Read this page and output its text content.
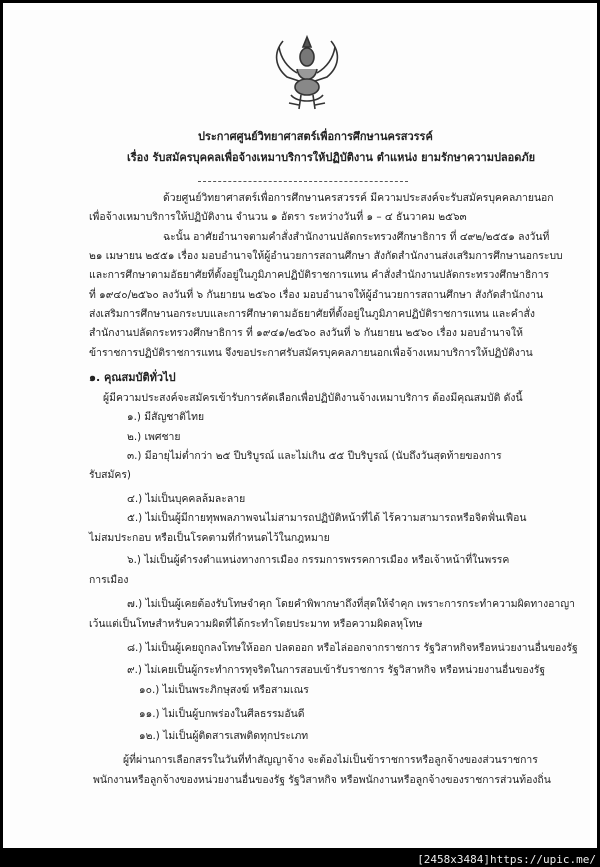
ประกาศศูนย์วิทยาศาสตร์เพื่อการศึกษานครสวรรค์
เรื่อง รับสมัครบุคคลเพื่อจ้างเหมาบริการให้ปฏิบัติงาน ตำแหน่ง ยามรักษาความปลอดภัย
ด้วยศูนย์วิทยาศาสตร์เพื่อการศึกษานครสวรรค์ มีความประสงค์จะรับสมัครบุคคลภายนอก
เพื่อจ้างเหมาบริการให้ปฏิบัติงาน จำนวน ๑ อัตรา ระหว่างวันที่ ๑ – ๔ ธันวาคม ๒๕๖๓
ฉะนั้น อาศัยอำนาจตามคำสั่งสำนักงานปลัดกระทรวงศึกษาธิการ ที่ ๔๙๒/๒๕๕๑ ลงวันที่
๒๑ เมษายน ๒๕๕๑ เรื่อง มอบอำนาจให้ผู้อำนวยการสถานศึกษา สังกัดสำนักงานส่งเสริมการศึกษานอกระบบ
และการศึกษาตามอัธยาศัยที่ตั้งอยู่ในภูมิภาคปฏิบัติราชการแทน คำสั่งสำนักงานปลัดกระทรวงศึกษาธิการ
ที่ ๑๙๔๐/๒๕๖๐ ลงวันที่ ๖ กันยายน ๒๕๖๐ เรื่อง มอบอำนาจให้ผู้อำนวยการสถานศึกษา สังกัดสำนักงาน
ส่งเสริมการศึกษานอกระบบและการศึกษาตามอัธยาศัยที่ตั้งอยู่ในภูมิภาคปฏิบัติราชการแทน และคำสั่ง
สำนักงานปลัดกระทรวงศึกษาธิการ ที่ ๑๙๔๑/๒๕๖๐ ลงวันที่ ๖ กันยายน ๒๕๖๐ เรื่อง มอบอำนาจให้
ข้าราชการปฏิบัติราชการแทน จึงขอประกาศรับสมัครบุคคลภายนอกเพื่อจ้างเหมาบริการให้ปฏิบัติงาน
๑. คุณสมบัติทั่วไป
ผู้มีความประสงค์จะสมัครเข้ารับการคัดเลือกเพื่อปฏิบัติงานจ้างเหมาบริการ ต้องมีคุณสมบัติ ดังนี้
๑.) มีสัญชาติไทย
๒.) เพศชาย
๓.) มีอายุไม่ต่ำกว่า ๒๕ ปีบริบูรณ์ และไม่เกิน ๕๕ ปีบริบูรณ์ (นับถึงวันสุดท้ายของการ
รับสมัคร)
๔.) ไม่เป็นบุคคลล้มละลาย
๕.) ไม่เป็นผู้มีกายทุพพลภาพจนไม่สามารถปฏิบัติหน้าที่ได้ ไร้ความสามารถหรือจิตฟั่นเฟือน
ไม่สมประกอบ หรือเป็นโรคตามที่กำหนดไว้ในกฎหมาย
๖.) ไม่เป็นผู้ดำรงตำแหน่งทางการเมือง กรรมการพรรคการเมือง หรือเจ้าหน้าที่ในพรรค
การเมือง
๗.) ไม่เป็นผู้เคยต้องรับโทษจำคุก โดยคำพิพากษาถึงที่สุดให้จำคุก เพราะการกระทำความผิดทางอาญา
เว้นแต่เป็นโทษสำหรับความผิดที่ได้กระทำโดยประมาท หรือความผิดลหุโทษ
๘.) ไม่เป็นผู้เคยถูกลงโทษให้ออก ปลดออก หรือไล่ออกจากราชการ รัฐวิสาหกิจหรือหน่วยงานอื่นของรัฐ
๙.) ไม่เคยเป็นผู้กระทำการทุจริตในการสอบเข้ารับราชการ รัฐวิสาหกิจ หรือหน่วยงานอื่นของรัฐ
๑๐.) ไม่เป็นพระภิกษุสงฆ์ หรือสามเณร
๑๑.) ไม่เป็นผู้บกพร่องในศีลธรรมอันดี
๑๒.) ไม่เป็นผู้ติดสารเสพติดทุกประเภท
ผู้ที่ผ่านการเลือกสรรในวันที่ทำสัญญาจ้าง จะต้องไม่เป็นข้าราชการหรือลูกจ้างของส่วนราชการ
พนักงานหรือลูกจ้างของหน่วยงานอื่นของรัฐ รัฐวิสาหกิจ หรือพนักงานหรือลูกจ้างของราชการส่วนท้องถิ่น
[2458x3484]https://upic.me/
